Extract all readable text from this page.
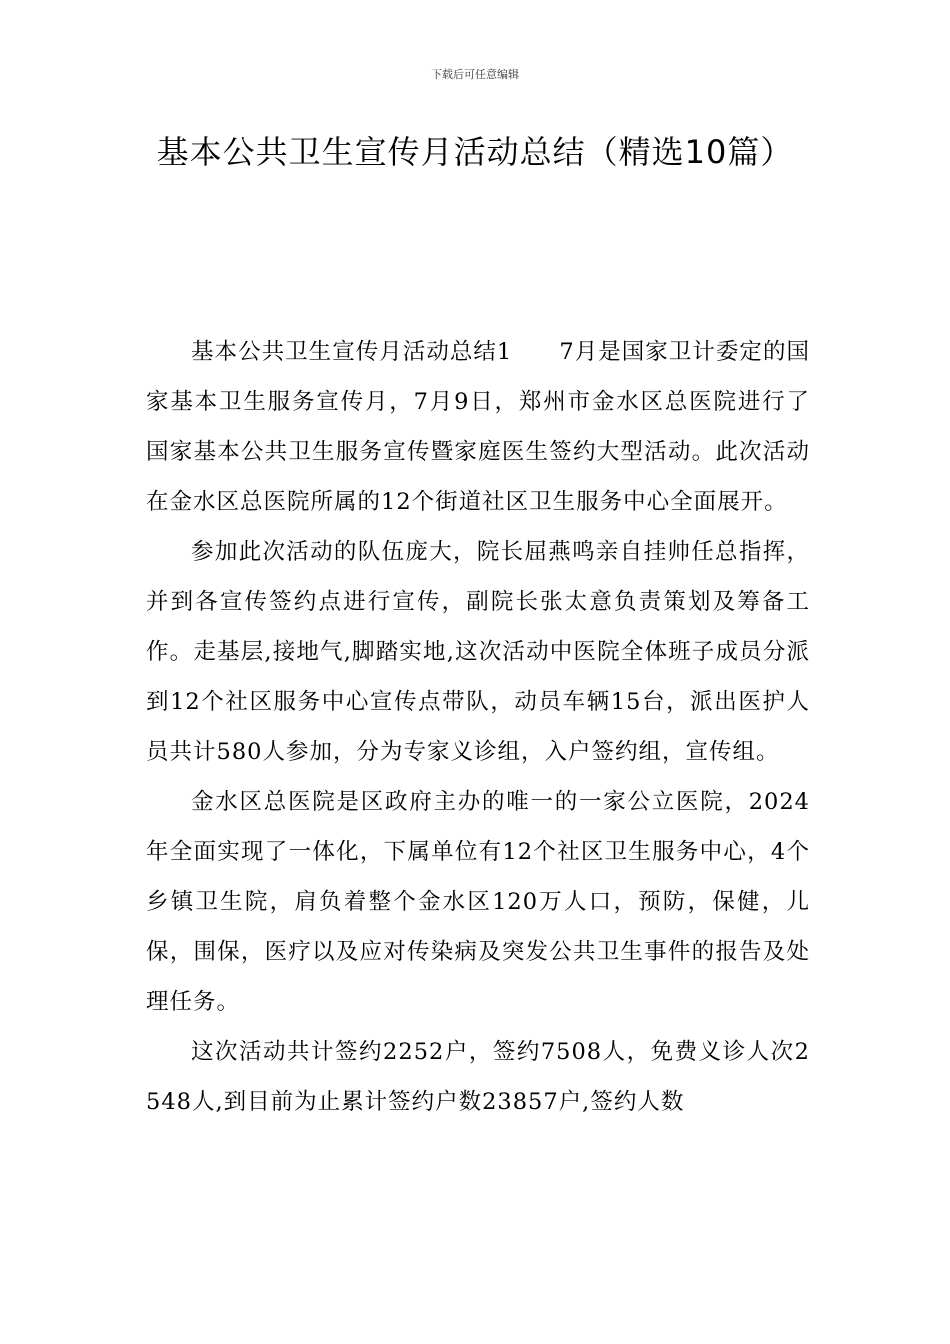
下载后可任意编辑
基本公共卫生宣传月活动总结（精选10篇）

基本公共卫生宣传月活动总结1　　7月是国家卫计委定的国家基本卫生服务宣传月，7月9日，郑州市金水区总医院进行了国家基本公共卫生服务宣传暨家庭医生签约大型活动。此次活动在金水区总医院所属的12个街道社区卫生服务中心全面展开。

参加此次活动的队伍庞大，院长屈燕鸣亲自挂帅任总指挥，并到各宣传签约点进行宣传，副院长张太意负责策划及筹备工作。走基层,接地气,脚踏实地,这次活动中医院全体班子成员分派到12个社区服务中心宣传点带队，动员车辆15台，派出医护人员共计580人参加，分为专家义诊组，入户签约组，宣传组。

金水区总医院是区政府主办的唯一的一家公立医院，2024年全面实现了一体化，下属单位有12个社区卫生服务中心，4个乡镇卫生院，肩负着整个金水区120万人口，预防，保健，儿保，围保，医疗以及应对传染病及突发公共卫生事件的报告及处理任务。

这次活动共计签约2252户，签约7508人，免费义诊人次2548人,到目前为止累计签约户数23857户,签约人数
